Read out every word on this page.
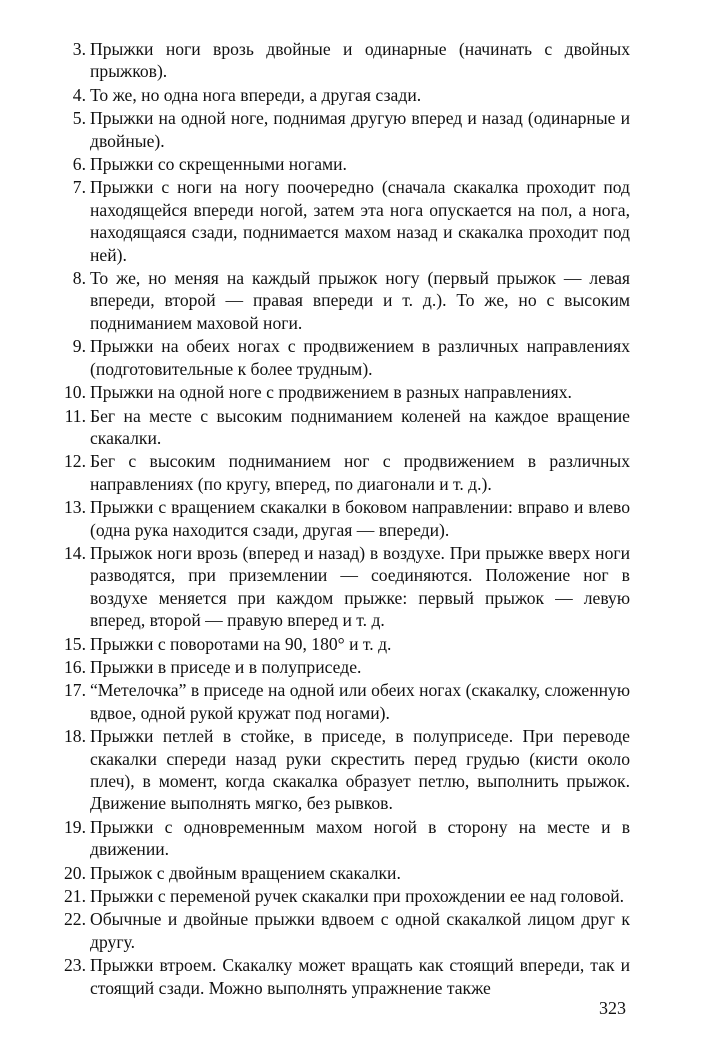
3. Прыжки ноги врозь двойные и одинарные (начинать с двойных прыжков).
4. То же, но одна нога впереди, а другая сзади.
5. Прыжки на одной ноге, поднимая другую вперед и назад (одинарные и двойные).
6. Прыжки со скрещенными ногами.
7. Прыжки с ноги на ногу поочередно (сначала скакалка проходит под находящейся впереди ногой, затем эта нога опускается на пол, а нога, находящаяся сзади, поднимается махом назад и скакалка проходит под ней).
8. То же, но меняя на каждый прыжок ногу (первый прыжок — левая впереди, второй — правая впереди и т. д.). То же, но с высоким подниманием маховой ноги.
9. Прыжки на обеих ногах с продвижением в различных направлениях (подготовительные к более трудным).
10. Прыжки на одной ноге с продвижением в разных направлениях.
11. Бег на месте с высоким подниманием коленей на каждое вращение скакалки.
12. Бег с высоким подниманием ног с продвижением в различных направлениях (по кругу, вперед, по диагонали и т. д.).
13. Прыжки с вращением скакалки в боковом направлении: вправо и влево (одна рука находится сзади, другая — впереди).
14. Прыжок ноги врозь (вперед и назад) в воздухе. При прыжке вверх ноги разводятся, при приземлении — соединяются. Положение ног в воздухе меняется при каждом прыжке: первый прыжок — левую вперед, второй — правую вперед и т. д.
15. Прыжки с поворотами на 90, 180° и т. д.
16. Прыжки в приседе и в полуприседе.
17. “Метелочка” в приседе на одной или обеих ногах (скакалку, сложенную вдвое, одной рукой кружат под ногами).
18. Прыжки петлей в стойке, в приседе, в полуприседе. При переводе скакалки спереди назад руки скрестить перед грудью (кисти около плеч), в момент, когда скакалка образует петлю, выполнить прыжок. Движение выполнять мягко, без рывков.
19. Прыжки с одновременным махом ногой в сторону на месте и в движении.
20. Прыжок с двойным вращением скакалки.
21. Прыжки с переменой ручек скакалки при прохождении ее над головой.
22. Обычные и двойные прыжки вдвоем с одной скакалкой лицом друг к другу.
23. Прыжки втроем. Скакалку может вращать как стоящий впереди, так и стоящий сзади. Можно выполнять упражнение также
323
